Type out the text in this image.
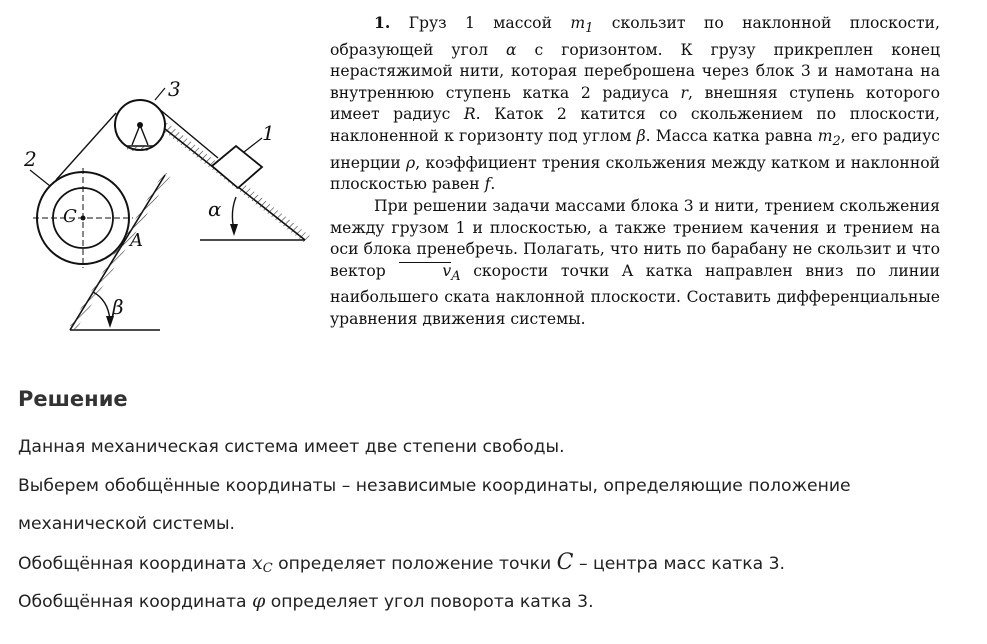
3
1
2
C
A
α
β

1. Груз 1 массой $m_1$ скользит по наклонной плоскости, образующей угол α с горизонтом. К грузу прикреплен конец нерастяжимой нити, которая переброшена через блок 3 и намотана на внутреннюю ступень катка 2 радиуса r, внешняя ступень которого имеет радиус R. Каток 2 катится со скольжением по плоскости, наклоненной к горизонту под углом β. Масса катка равна $m_2$, его радиус инерции ρ, коэффициент трения скольжения между катком и наклонной плоскостью равен f.

При решении задачи массами блока 3 и нити, трением скольжения между грузом 1 и плоскостью, а также трением качения и трением на оси блока пренебречь. Полагать, что нить по барабану не скользит и что вектор	$v_A$ скорости точки A катка направлен вниз по линии наибольшего ската наклонной плоскости. Составить дифференциальные уравнения движения системы.

Решение
Данная механическая система имеет две степени свободы.
Выберем обобщённые координаты – независимые координаты, определяющие положение
механической системы.
Обобщённая координата xC определяет положение точки C – центра масс катка 3.
Обобщённая координата φ определяет угол поворота катка 3.
